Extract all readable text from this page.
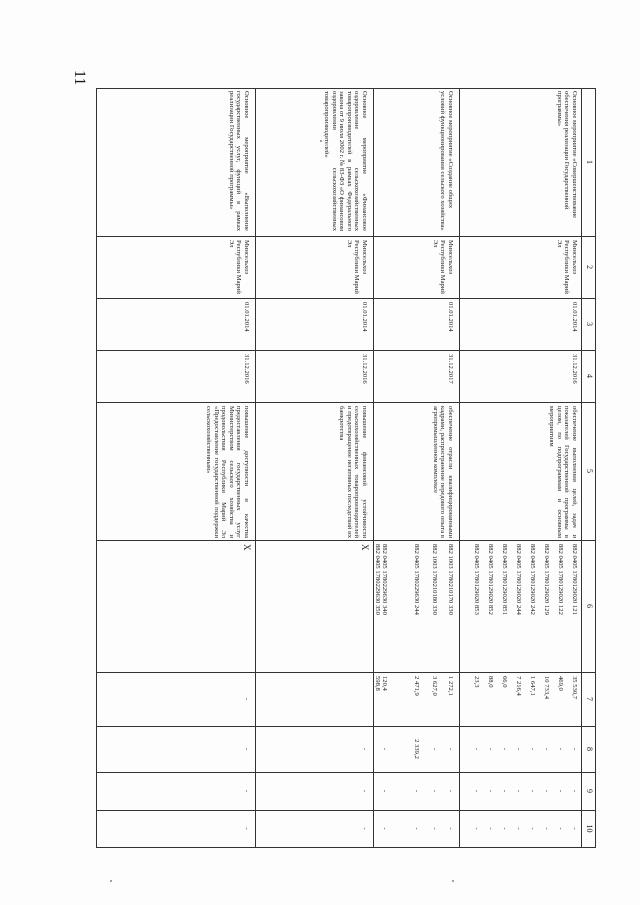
11
1
2
3
4
5
6
7
8
9
10
Основное мероприятие «Совершенствование обеспечения реализации Государственной программы»
Минсельхоз Республики Марий Эл
01.01.2014
31.12.2016
обеспечение выполнения целей, задач и показателей Государственной программы в целом, по подпрограммам и основным мероприятиям
882 0405 1780129020 121
882 0405 1780129020 122
882 0405 1780129020 129
882 0405 1780129020 242
882 0405 1780129020 244
882 0405 1780129020 851
882 0405 1780129020 852
882 0405 1780129020 853
35 530,7
469,0
10 733,4
1 647,1
7 216,4
66,0
88,0
23,3
-
-
-
-
-
-
-
-
-
-
-
-
-
-
-
-
-
-
-
-
-
-
-
-
Основное мероприятие «Создание общих условий функционирования сельского хозяйства»
Минсельхоз Республики Марий Эл
01.01.2014
31.12.2017
обеспечение отрасли квалифицированными кадрами, распространение передового опыта в агропромышленном комплексе
882 1003 1780210170 330
882 1003 1780210180 330
882 0405 1780229630 244
1 272,1
3 627,0
2 471,9
-
-
2 339,2
-
-
-
-
-
-
Основное мероприятие «Финансовое оздоровление сельскохозяйственных товаропроизводителей в рамках Федерального закона от 9 июля 2002 г. № 83-ФЗ «О финансовом оздоровлении сельскохозяйственных товаропроизводителей»
Минсельхоз Республики Марий Эл
01.01.2014
31.12.2016
повышение финансовой устойчивости сельскохозяйственных товаропроизводителей и предотвращение негативных последствий их банкротства
Х 882 0405 1780229630 340
882 0405 1780229630 350
120,4
598,8
-
-
-
-
-
-
Основное мероприятие «Выполнение государственных услуг, функций в рамках реализации Государственной программы»
Минсельхоз Республики Марий Эл
01.01.2014
31.12.2016
повышение доступности и качества предоставления государственных услуг Министерством сельского хозяйства и продовольствия Республики Марий Эл «Предоставление государственной поддержки сельскохозяйственным»
Х
-
-
-
-
